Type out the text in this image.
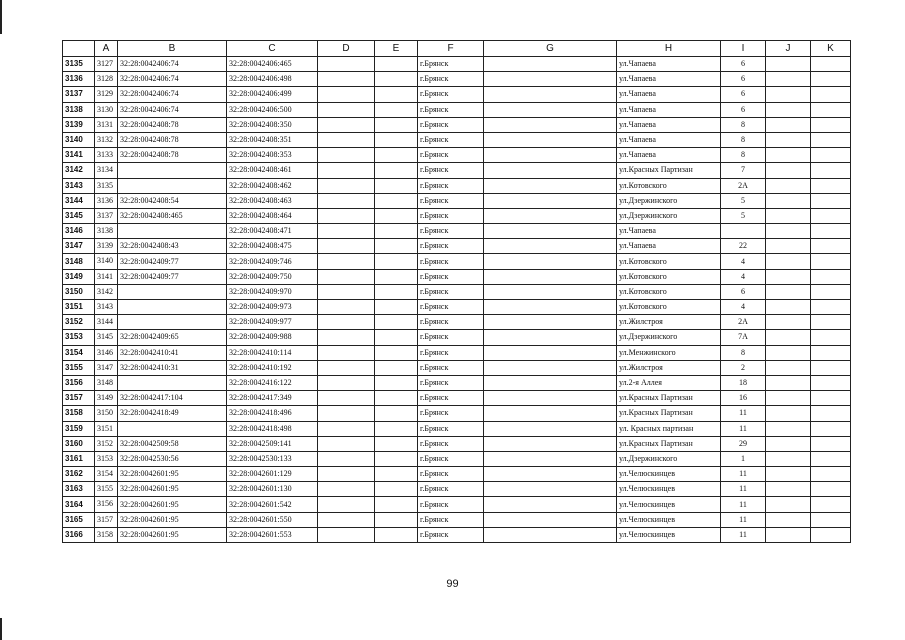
	A	B	C	D	E	F	G	H	I	J	K	
3135	3127	32:28:0042406:74	32:28:0042406:465			г.Брянск		ул.Чапаева	6			
3136	3128	32:28:0042406:74	32:28:0042406:498			г.Брянск		ул.Чапаева	6			
3137	3129	32:28:0042406:74	32:28:0042406:499			г.Брянск		ул.Чапаева	6			
3138	3130	32:28:0042406:74	32:28:0042406:500			г.Брянск		ул.Чапаева	6			
3139	3131	32:28:0042408:78	32:28:0042408:350			г.Брянск		ул.Чапаева	8			
3140	3132	32:28:0042408:78	32:28:0042408:351			г.Брянск		ул.Чапаева	8			
3141	3133	32:28:0042408:78	32:28:0042408:353			г.Брянск		ул.Чапаева	8			
3142	3134		32:28:0042408:461			г.Брянск		ул.Красных Партизан	7			
3143	3135		32:28:0042408:462			г.Брянск		ул.Котовского	2А			
3144	3136	32:28:0042408:54	32:28:0042408:463			г.Брянск		ул.Дзержинского	5			
3145	3137	32:28:0042408:465	32:28:0042408:464			г.Брянск		ул.Дзержинского	5			
3146	3138		32:28:0042408:471			г.Брянск		ул.Чапаева				
3147	3139	32:28:0042408:43	32:28:0042408:475			г.Брянск		ул.Чапаева	22			
3148	3140	32:28:0042409:77	32:28:0042409:746			г.Брянск		ул.Котовского	4			
3149	3141	32:28:0042409:77	32:28:0042409:750			г.Брянск		ул.Котовского	4			
3150	3142		32:28:0042409:970			г.Брянск		ул.Котовского	6			
3151	3143		32:28:0042409:973			г.Брянск		ул.Котовского	4			
3152	3144		32:28:0042409:977			г.Брянск		ул.Жилстроя	2А			
3153	3145	32:28:0042409:65	32:28:0042409:988			г.Брянск		ул.Дзержинского	7А			
3154	3146	32:28:0042410:41	32:28:0042410:114			г.Брянск		ул.Менжинского	8			
3155	3147	32:28:0042410:31	32:28:0042410:192			г.Брянск		ул.Жилстроя	2			
3156	3148		32:28:0042416:122			г.Брянск		ул.2-я Аллея	18			
3157	3149	32:28:0042417:104	32:28:0042417:349			г.Брянск		ул.Красных Партизан	16			
3158	3150	32:28:0042418:49	32:28:0042418:496			г.Брянск		ул.Красных Партизан	11			
3159	3151		32:28:0042418:498			г.Брянск		ул. Красных партизан	11			
3160	3152	32:28:0042509:58	32:28:0042509:141			г.Брянск		ул.Красных Партизан	29			
3161	3153	32:28:0042530:56	32:28:0042530:133			г.Брянск		ул.Дзержинского	1			
3162	3154	32:28:0042601:95	32:28:0042601:129			г.Брянск		ул.Челюскинцев	11			
3163	3155	32:28:0042601:95	32:28:0042601:130			г.Брянск		ул.Челюскинцев	11			
3164	3156	32:28:0042601:95	32:28:0042601:542			г.Брянск		ул.Челюскинцев	11			
3165	3157	32:28:0042601:95	32:28:0042601:550			г.Брянск		ул.Челюскинцев	11			
3166	3158	32:28:0042601:95	32:28:0042601:553			г.Брянск		ул.Челюскинцев	11			
99
